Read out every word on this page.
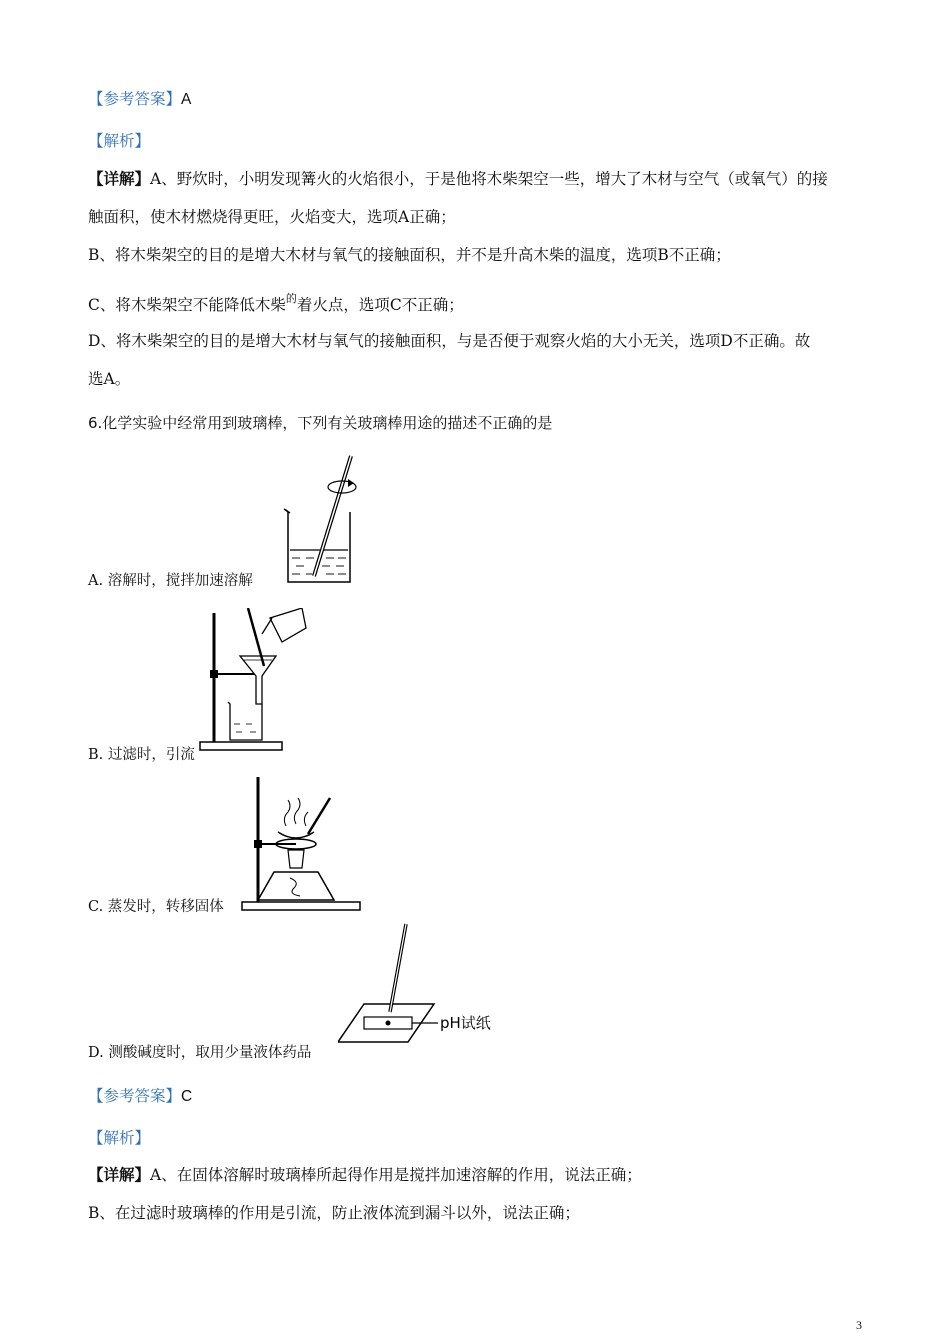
【参考答案】A
【解析】
【详解】A、野炊时，小明发现篝火的火焰很小，于是他将木柴架空一些，增大了木材与空气（或氧气）的接
触面积，使木材燃烧得更旺，火焰变大，选项A正确；
B、将木柴架空的目的是增大木材与氧气的接触面积，并不是升高木柴的温度，选项B不正确；
C、将木柴架空不能降低木柴$^的$着火点，选项C不正确；
D、将木柴架空的目的是增大木材与氧气的接触面积，与是否便于观察火焰的大小无关，选项D不正确。故
选A。
6.化学实验中经常用到玻璃棒，下列有关玻璃棒用途的描述不正确的是
A. 溶解时，搅拌加速溶解
B. 过滤时，引流
C. 蒸发时，转移固体
pH试纸
D. 测酸碱度时，取用少量液体药品
【参考答案】C
【解析】
【详解】A、在固体溶解时玻璃棒所起得作用是搅拌加速溶解的作用，说法正确；
B、在过滤时玻璃棒的作用是引流，防止液体流到漏斗以外，说法正确；
3
